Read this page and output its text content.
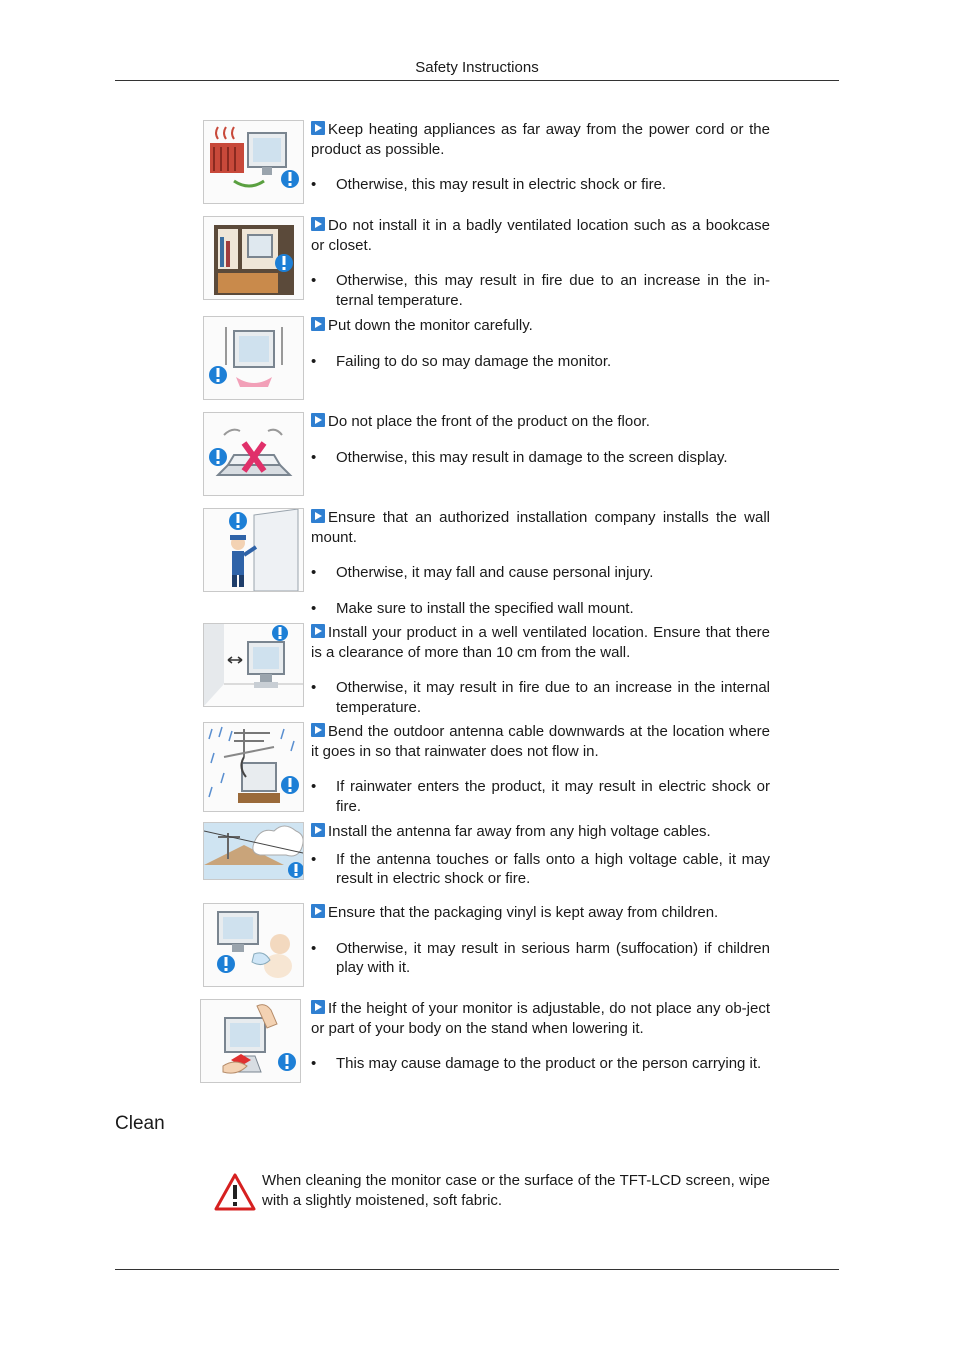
Safety Instructions
Keep heating appliances as far away from the power cord or the product as possible.
• Otherwise, this may result in electric shock or fire.
Do not install it in a badly ventilated location such as a bookcase or closet.
• Otherwise, this may result in fire due to an increase in the in-ternal temperature.
Put down the monitor carefully.
• Failing to do so may damage the monitor.
Do not place the front of the product on the floor.
• Otherwise, this may result in damage to the screen display.
Ensure that an authorized installation company installs the wall mount.
• Otherwise, it may fall and cause personal injury.
• Make sure to install the specified wall mount.
Install your product in a well ventilated location. Ensure that there is a clearance of more than 10 cm from the wall.
• Otherwise, it may result in fire due to an increase in the internal temperature.
Bend the outdoor antenna cable downwards at the location where it goes in so that rainwater does not flow in.
• If rainwater enters the product, it may result in electric shock or fire.
Install the antenna far away from any high voltage cables.
• If the antenna touches or falls onto a high voltage cable, it may result in electric shock or fire.
Ensure that the packaging vinyl is kept away from children.
• Otherwise, it may result in serious harm (suffocation) if children play with it.
If the height of your monitor is adjustable, do not place any ob-ject or part of your body on the stand when lowering it.
• This may cause damage to the product or the person carrying it.
Clean
When cleaning the monitor case or the surface of the TFT-LCD screen, wipe with a slightly moistened, soft fabric.
